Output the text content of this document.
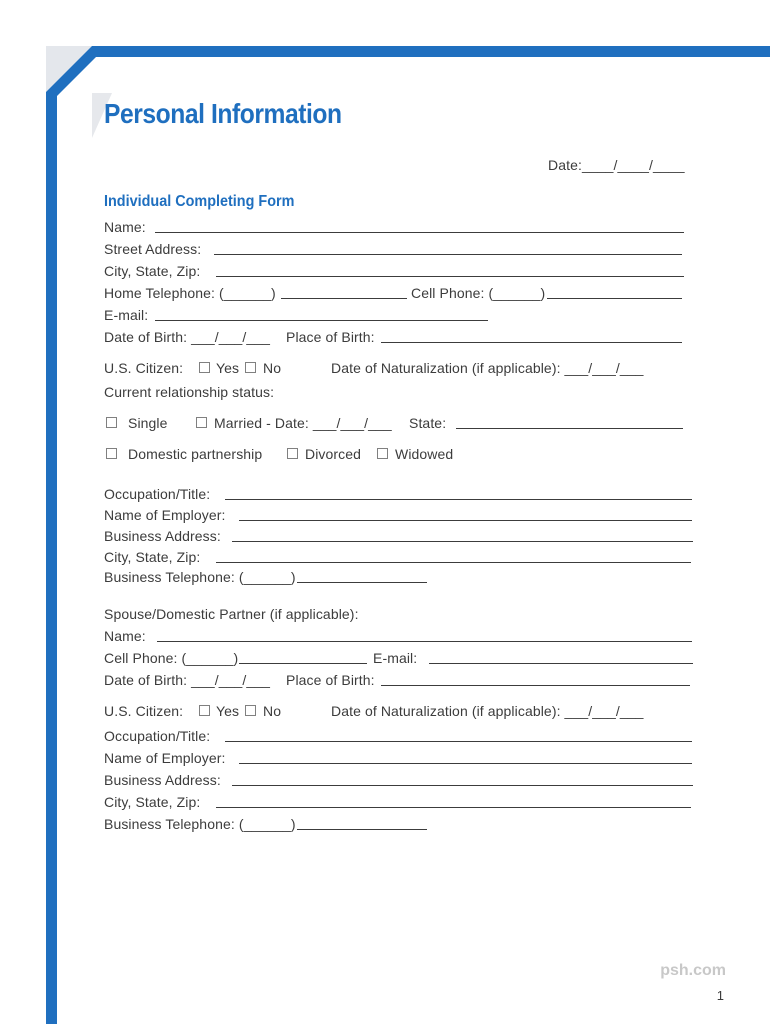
Personal Information
Date:____/____/____
Individual Completing Form
Name:
Street Address:
City, State, Zip:
Home Telephone: (______)	Cell Phone: (______)
E-mail:
Date of Birth: ___/___/___ Place of Birth:
U.S. Citizen: Yes No	Date of Naturalization (if applicable): ___/___/___
Current relationship status:
Single	Married - Date: ___/___/___ State:
Domestic partnership	Divorced Widowed
Occupation/Title:
Name of Employer:
Business Address:
City, State, Zip:
Business Telephone: (______)
Spouse/Domestic Partner (if applicable):
Name:
Cell Phone: (______)	E-mail:
Date of Birth: ___/___/___ Place of Birth:
U.S. Citizen: Yes No	Date of Naturalization (if applicable): ___/___/___
Occupation/Title:
Name of Employer:
Business Address:
City, State, Zip:
Business Telephone: (______)
psh.com
1
